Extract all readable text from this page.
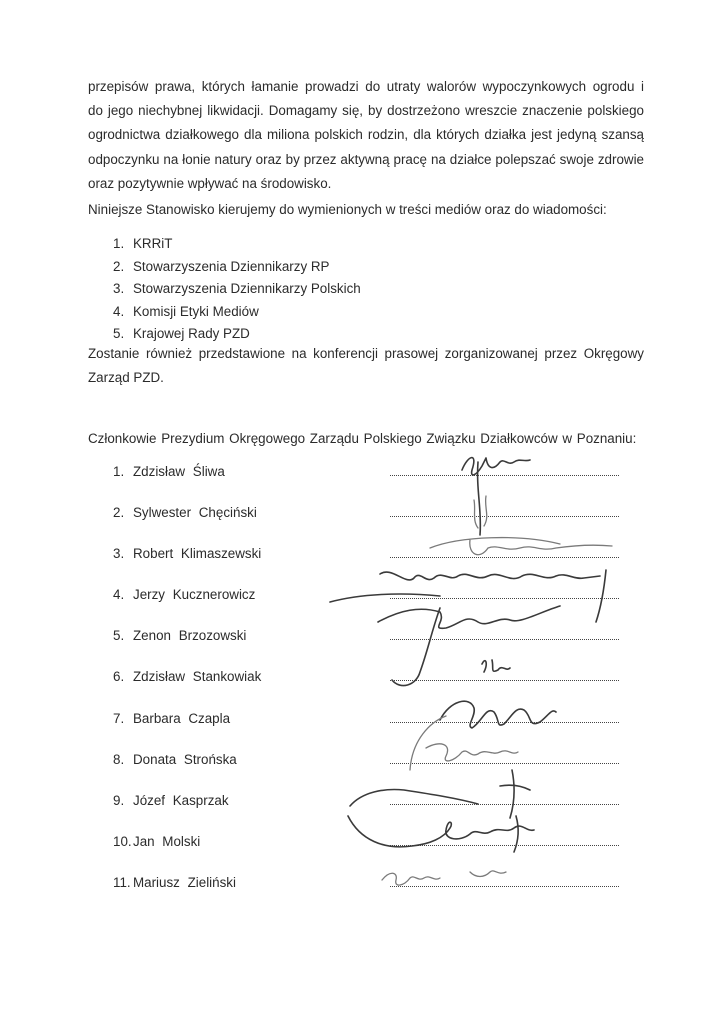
przepisów prawa, których łamanie prowadzi do utraty walorów wypoczynkowych ogrodu i
do jego niechybnej likwidacji. Domagamy się, by dostrzeżono wreszcie znaczenie polskiego
ogrodnictwa działkowego dla miliona polskich rodzin, dla których działka jest jedyną szansą
odpoczynku na łonie natury oraz by przez aktywną pracę na działce polepszać swoje zdrowie
oraz pozytywnie wpływać na środowisko.
Niniejsze Stanowisko kierujemy do wymienionych w treści mediów oraz do wiadomości:
1. KRRiT
2. Stowarzyszenia Dziennikarzy RP
3. Stowarzyszenia Dziennikarzy Polskich
4. Komisji Etyki Mediów
5. Krajowej Rady PZD
Zostanie również przedstawione na konferencji prasowej zorganizowanej przez Okręgowy
Zarząd PZD.
Członkowie Prezydium Okręgowego Zarządu Polskiego Związku Działkowców w Poznaniu:
1. Zdzisław Śliwa
2. Sylwester Chęciński
3. Robert Klimaszewski
4. Jerzy Kucznerowicz
5. Zenon Brzozowski
6. Zdzisław Stankowiak
7. Barbara Czapla
8. Donata Strońska
9. Józef Kasprzak
10.Jan Molski
11. Mariusz Zieliński
